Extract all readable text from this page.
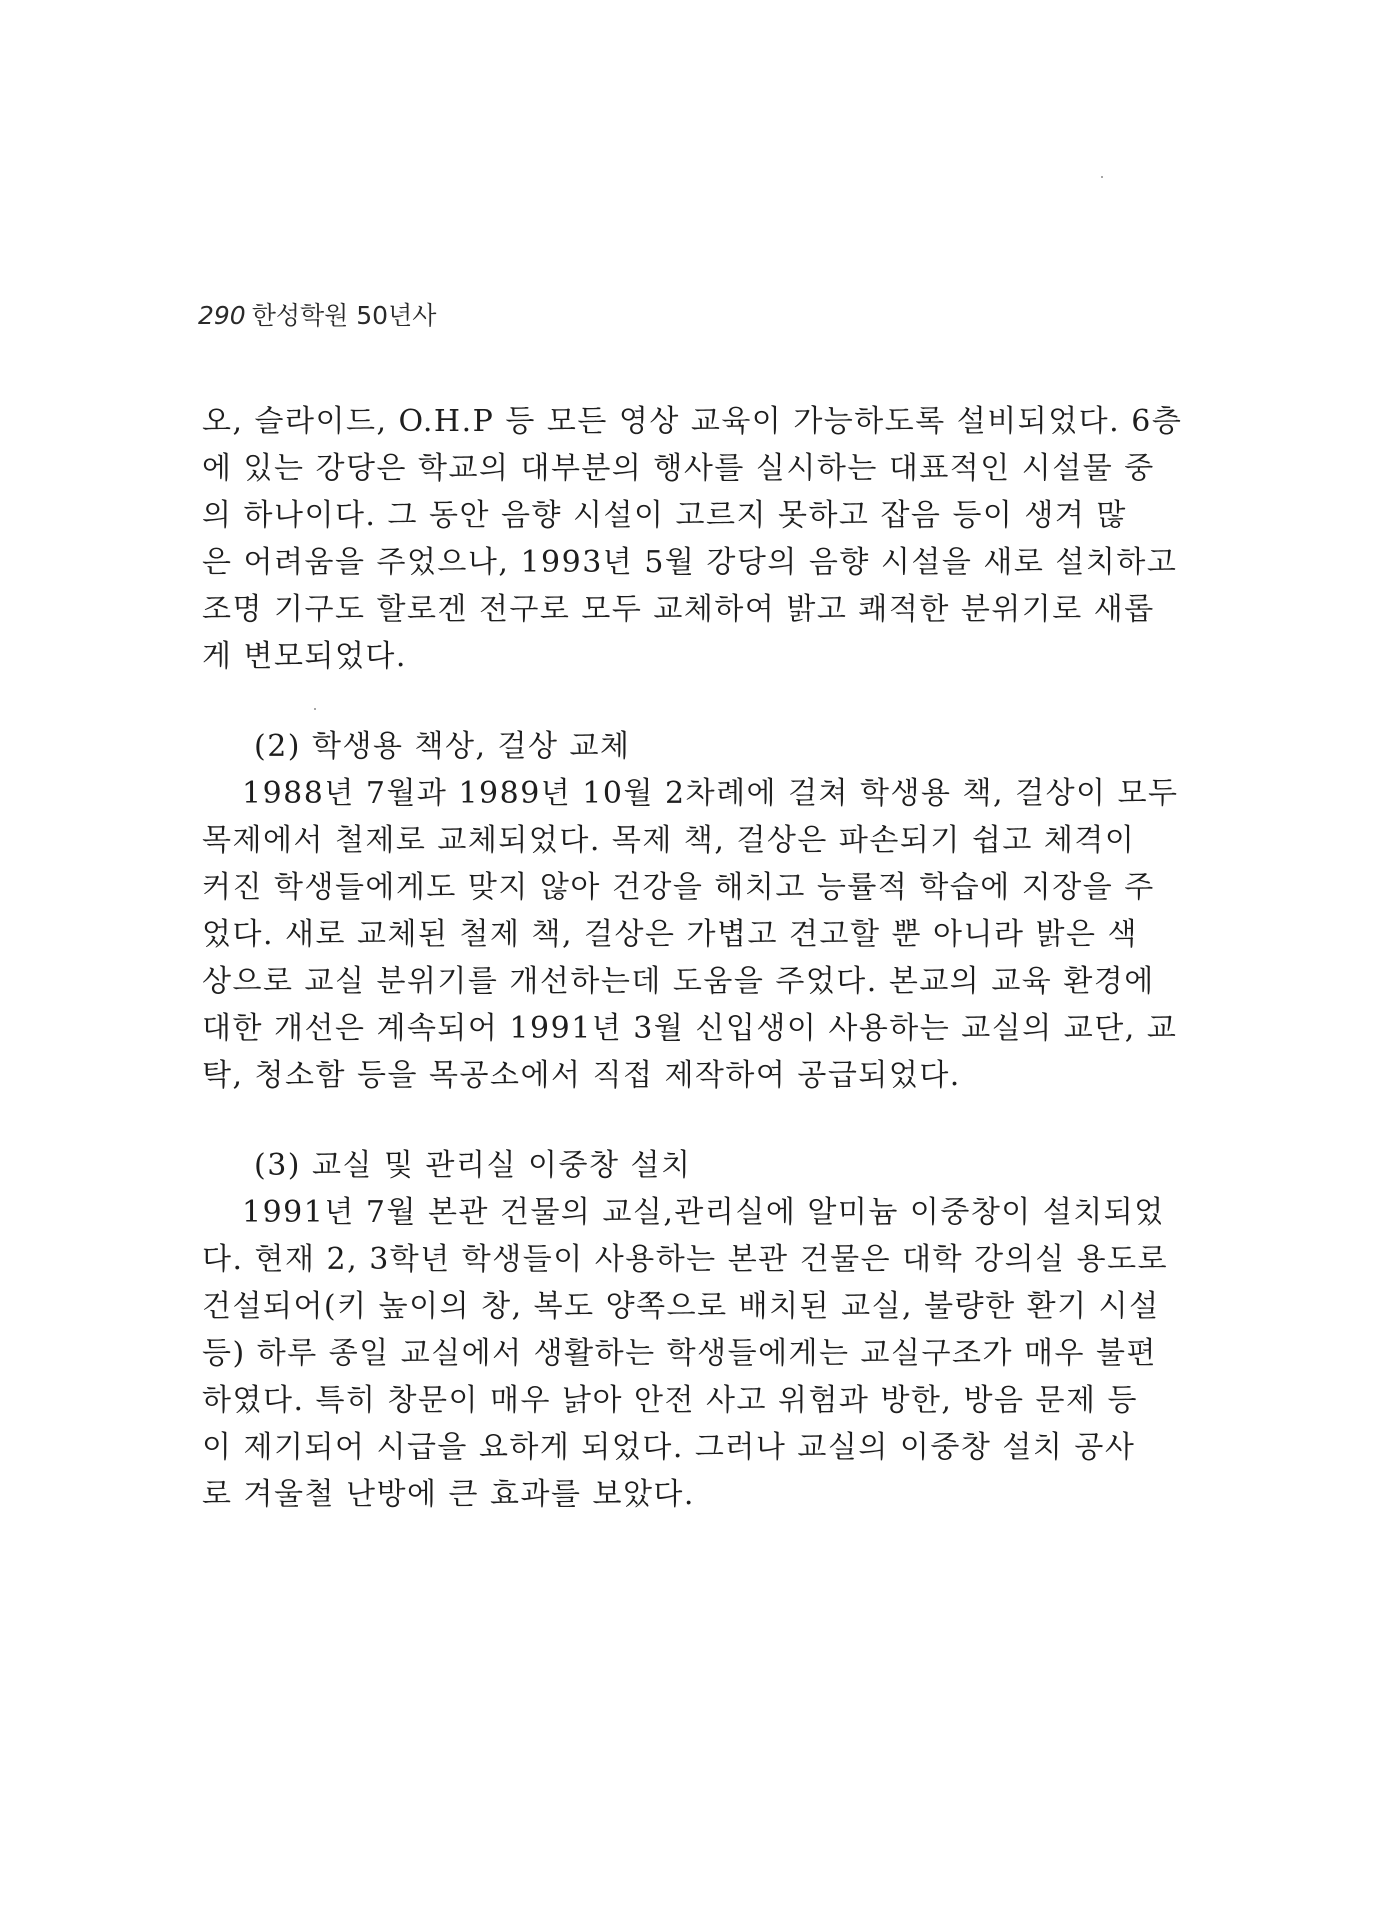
290 한성학원 50년사
오, 슬라이드, O.H.P 등 모든 영상 교육이 가능하도록 설비되었다. 6층
에 있는 강당은 학교의 대부분의 행사를 실시하는 대표적인 시설물 중
의 하나이다. 그 동안 음향 시설이 고르지 못하고 잡음 등이 생겨 많
은 어려움을 주었으나, 1993년 5월 강당의 음향 시설을 새로 설치하고
조명 기구도 할로겐 전구로 모두 교체하여 밝고 쾌적한 분위기로 새롭
게 변모되었다.
(2) 학생용 책상, 걸상 교체
1988년 7월과 1989년 10월 2차례에 걸쳐 학생용 책, 걸상이 모두
목제에서 철제로 교체되었다. 목제 책, 걸상은 파손되기 쉽고 체격이
커진 학생들에게도 맞지 않아 건강을 해치고 능률적 학습에 지장을 주
었다. 새로 교체된 철제 책, 걸상은 가볍고 견고할 뿐 아니라 밝은 색
상으로 교실 분위기를 개선하는데 도움을 주었다. 본교의 교육 환경에
대한 개선은 계속되어 1991년 3월 신입생이 사용하는 교실의 교단, 교
탁, 청소함 등을 목공소에서 직접 제작하여 공급되었다.
(3) 교실 및 관리실 이중창 설치
1991년 7월 본관 건물의 교실,관리실에 알미늄 이중창이 설치되었
다. 현재 2, 3학년 학생들이 사용하는 본관 건물은 대학 강의실 용도로
건설되어(키 높이의 창, 복도 양쪽으로 배치된 교실, 불량한 환기 시설
등) 하루 종일 교실에서 생활하는 학생들에게는 교실구조가 매우 불편
하였다. 특히 창문이 매우 낡아 안전 사고 위험과 방한, 방음 문제 등
이 제기되어 시급을 요하게 되었다. 그러나 교실의 이중창 설치 공사
로 겨울철 난방에 큰 효과를 보았다.
